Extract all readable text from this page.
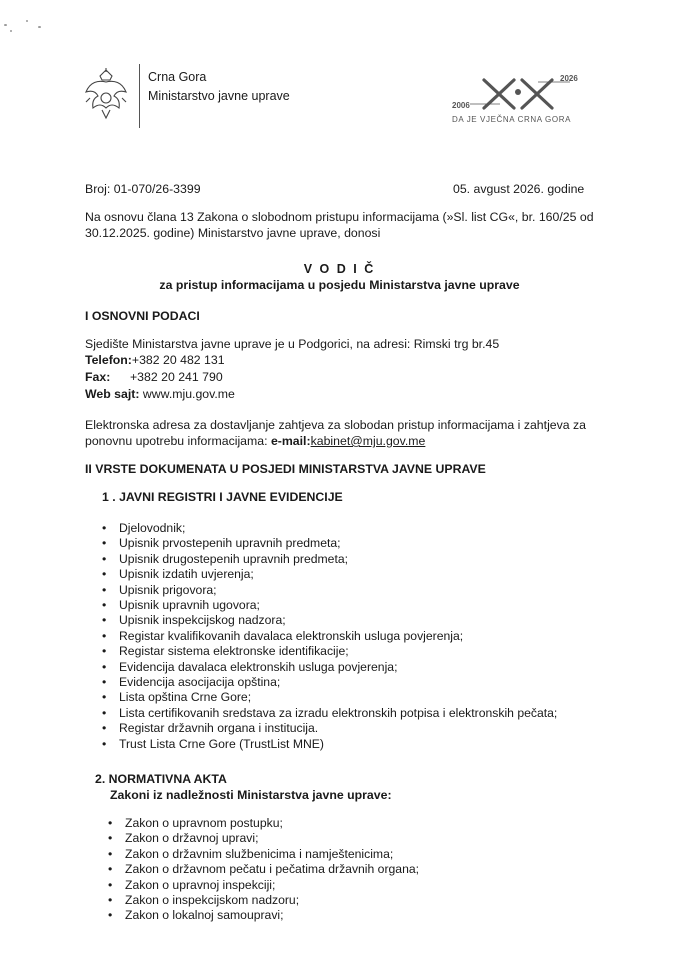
Crna Gora
Ministarstvo javne uprave
2006
2026
DA JE VJEČNA CRNA GORA
Broj: 01-070/26-3399	05. avgust 2026. godine
Na osnovu člana 13 Zakona o slobodnom pristupu informacijama (»Sl. list CG«, br. 160/25 od
30.12.2025. godine) Ministarstvo javne uprave, donosi
V O D I Č
za pristup informacijama u posjedu Ministarstva javne uprave
I OSNOVNI PODACI
Sjedište Ministarstva javne uprave je u Podgorici, na adresi: Rimski trg br.45
Telefon:+382 20 482 131
Fax: +382 20 241 790
Web sajt: www.mju.gov.me
Elektronska adresa za dostavljanje zahtjeva za slobodan pristup informacijama i zahtjeva za
ponovnu upotrebu informacijama: e-mail:kabinet@mju.gov.me
II VRSTE DOKUMENATA U POSJEDI MINISTARSTVA JAVNE UPRAVE
1 . JAVNI REGISTRI I JAVNE EVIDENCIJE
• Djelovodnik;
• Upisnik prvostepenih upravnih predmeta;
• Upisnik drugostepenih upravnih predmeta;
• Upisnik izdatih uvjerenja;
• Upisnik prigovora;
• Upisnik upravnih ugovora;
• Upisnik inspekcijskog nadzora;
• Registar kvalifikovanih davalaca elektronskih usluga povjerenja;
• Registar sistema elektronske identifikacije;
• Evidencija davalaca elektronskih usluga povjerenja;
• Evidencija asocijacija opština;
• Lista opština Crne Gore;
• Lista certifikovanih sredstava za izradu elektronskih potpisa i elektronskih pečata;
• Registar državnih organa i institucija.
• Trust Lista Crne Gore (TrustList MNE)
2. NORMATIVNA AKTA
Zakoni iz nadležnosti Ministarstva javne uprave:
• Zakon o upravnom postupku;
• Zakon o državnoj upravi;
• Zakon o državnim službenicima i namještenicima;
• Zakon o državnom pečatu i pečatima državnih organa;
• Zakon o upravnoj inspekciji;
• Zakon o inspekcijskom nadzoru;
• Zakon o lokalnoj samoupravi;
